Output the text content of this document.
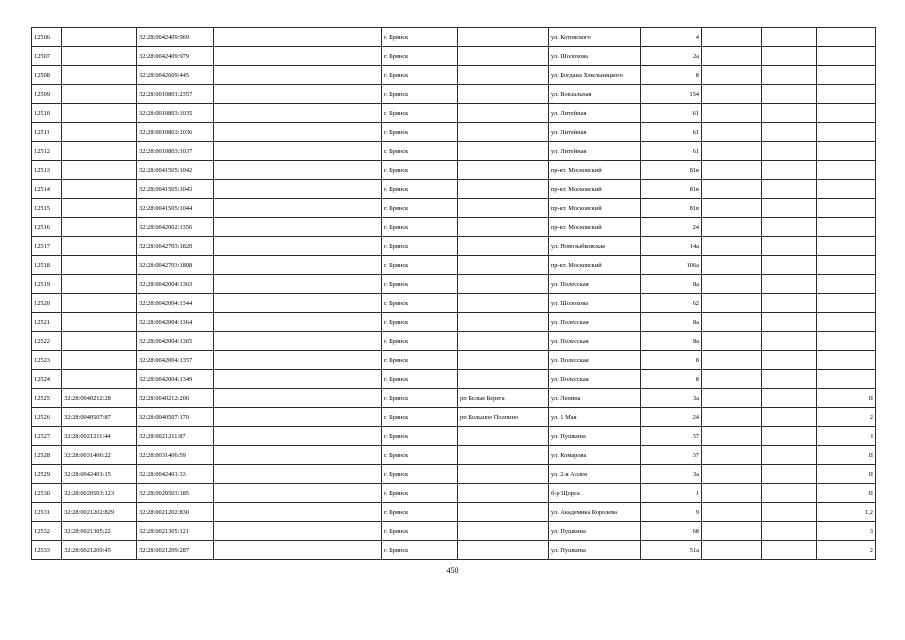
12506		32:28:0042409:969		г. Брянск		ул. Котовского	4			
12507		32:28:0042409:979		г. Брянск		ул. Шолохова	2а			
12508		32:28:0042609:445		г. Брянск		ул. Богдана Хмельницкого	8			
12509		32:28:0010801:2357		г. Брянск		ул. Вокзальная	154			
12510		32:28:0010803:1035		г. Брянск		ул. Литейная	61			
12511		32:28:0010803:1036		г. Брянск		ул. Литейная	61			
12512		32:28:0010803:1037		г. Брянск		ул. Литейная	61			
12513		32:28:0041505:1042		г. Брянск		пр-кт. Московский	81в			
12514		32:28:0041505:1043		г. Брянск		пр-кт. Московский	81в			
12515		32:28:0041505:1044		г. Брянск		пр-кт. Московский	81в			
12516		32:28:0042002:1356		г. Брянск		пр-кт. Московский	24			
12517		32:28:0042703:1820		г. Брянск		ул. Новозыбковская	14а			
12518		32:28:0042703:1808		г. Брянск		пр-кт. Московский	106а			
12519		32:28:0042004:1363		г. Брянск		ул. Полесская	8а			
12520		32:28:0042004:1344		г. Брянск		ул. Шолохова	62			
12521		32:28:0042004:1364		г. Брянск		ул. Полесская	8а			
12522		32:28:0042004:1365		г. Брянск		ул. Полесская	8а			
12523		32:28:0042004:1357		г. Брянск		ул. Полесская	8			
12524		32:28:0042004:1349		г. Брянск		ул. Полесская	8			
12525	32:28:0040212:28	32:28:0040212:206		г. Брянск	рп Белые Берега	ул. Ленина	3а			II
12526	32:28:0040507:87	32:28:0040507:170		г. Брянск	рп Большое Полпино	ул. 1 Мая	24			2
12527	32:28:0021211:44	32:28:0021211:87		г. Брянск		ул. Пушкина	37			I
12528	32:28:0031406:22	32:28:0031406:59		г. Брянск		ул. Комарова	37			II
12529	32:28:0042401:15	32:28:0042401:33		г. Брянск		ул. 2-я Аллея	3а			II
12530	32:28:0020503:123	32:28:0020503:185		г. Брянск		б-р Щорса	1			II
12531	32:28:0021202:829	32:28:0021202:830		г. Брянск		ул. Академика Королева	9			1,2
12532	32:28:0021305:22	32:28:0021305:121		г. Брянск		ул. Пушкина	68			3
12533	32:28:0021209:45	32:28:0021209:287		г. Брянск		ул. Пушкина	51а			2
450
